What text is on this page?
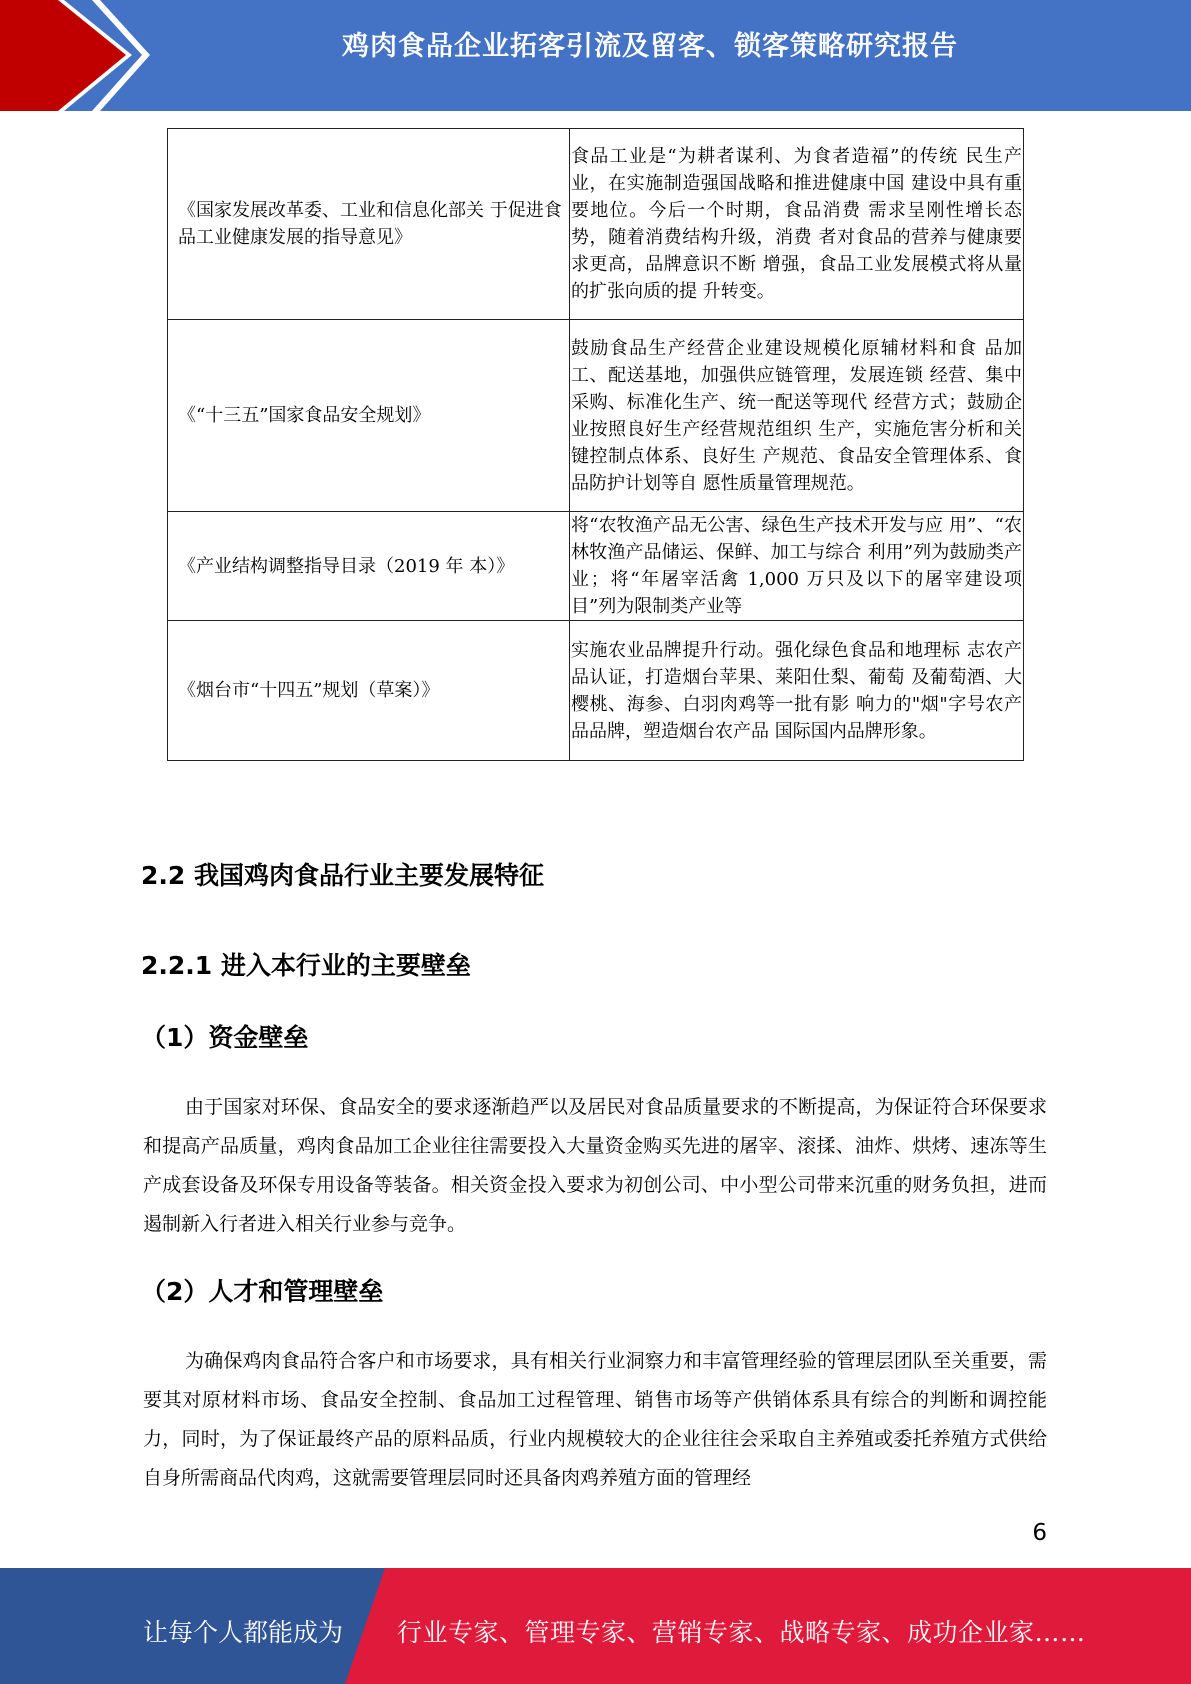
鸡肉食品企业拓客引流及留客、锁客策略研究报告
《国家发展改革委、工业和信息化部关 于促进食品工业健康发展的指导意见》	食品工业是“为耕者谋利、为食者造福”的传统 民生产业，在实施制造强国战略和推进健康中国 建设中具有重要地位。今后一个时期，食品消费 需求呈刚性增长态势，随着消费结构升级，消费 者对食品的营养与健康要求更高，品牌意识不断 增强，食品工业发展模式将从量的扩张向质的提 升转变。
《“十三五”国家食品安全规划》	鼓励食品生产经营企业建设规模化原辅材料和食 品加工、配送基地，加强供应链管理，发展连锁 经营、集中采购、标准化生产、统一配送等现代 经营方式；鼓励企业按照良好生产经营规范组织 生产，实施危害分析和关键控制点体系、良好生 产规范、食品安全管理体系、食品防护计划等自 愿性质量管理规范。
《产业结构调整指导目录（2019 年 本）》	将“农牧渔产品无公害、绿色生产技术开发与应 用”、“农林牧渔产品储运、保鲜、加工与综合 利用”列为鼓励类产业；将“年屠宰活禽 1,000 万只及以下的屠宰建设项目”列为限制类产业等
《烟台市“十四五”规划（草案）》	实施农业品牌提升行动。强化绿色食品和地理标 志农产品认证，打造烟台苹果、莱阳仕梨、葡萄 及葡萄酒、大樱桃、海参、白羽肉鸡等一批有影 响力的"烟"字号农产品品牌，塑造烟台农产品 国际国内品牌形象。
2.2 我国鸡肉食品行业主要发展特征
2.2.1 进入本行业的主要壁垒
（1）资金壁垒

由于国家对环保、食品安全的要求逐渐趋严以及居民对食品质量要求的不断提高，为保证符合环保要求和提高产品质量，鸡肉食品加工企业往往需要投入大量资金购买先进的屠宰、滚揉、油炸、烘烤、速冻等生产成套设备及环保专用设备等装备。相关资金投入要求为初创公司、中小型公司带来沉重的财务负担，进而遏制新入行者进入相关行业参与竞争。

（2）人才和管理壁垒

为确保鸡肉食品符合客户和市场要求，具有相关行业洞察力和丰富管理经验的管理层团队至关重要，需要其对原材料市场、食品安全控制、食品加工过程管理、销售市场等产供销体系具有综合的判断和调控能力，同时，为了保证最终产品的原料品质，行业内规模较大的企业往往会采取自主养殖或委托养殖方式供给自身所需商品代肉鸡，这就需要管理层同时还具备肉鸡养殖方面的管理经

6
让每个人都能成为 行业专家、管理专家、营销专家、战略专家、成功企业家……
